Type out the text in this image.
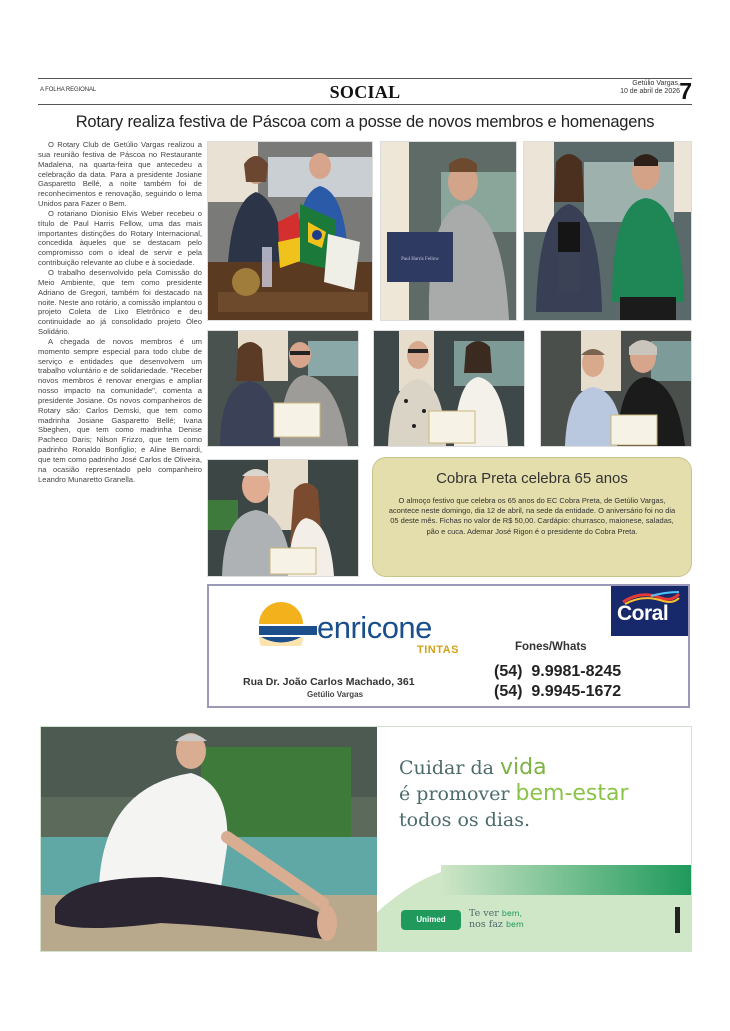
A FOLHA REGIONAL	SOCIAL	Getúlio Vargas,
10 de abril de 2026 7
Rotary realiza festiva de Páscoa com a posse de novos membros e homenagens

O Rotary Club de Getúlio Vargas realizou a sua reunião festiva de Páscoa no Restaurante Madalena, na quarta-feira que antecedeu a celebração da data. Para a presidente Josiane Gasparetto Bellé, a noite também foi de reconhecimentos e renovação, seguindo o lema Unidos para Fazer o Bem.

O rotariano Dionisio Elvis Weber recebeu o título de Paul Harris Fellow, uma das mais importantes distinções do Rotary Internacional, concedida àqueles que se destacam pelo compromisso com o ideal de servir e pela contribuição relevante ao clube e à sociedade.

O trabalho desenvolvido pela Comissão do Meio Ambiente, que tem como presidente Adriano de Gregori, também foi destacado na noite. Neste ano rotário, a comissão implantou o projeto Coleta de Lixo Eletrônico e deu continuidade ao já consolidado projeto Óleo Solidário.

A chegada de novos membros é um momento sempre especial para todo clube de serviço e entidades que desenvolvem um trabalho voluntário e de solidariedade. "Receber novos membros é renovar energias e ampliar nosso impacto na comunidade", comenta a presidente Josiane. Os novos companheiros de Rotary são: Carlos Demski, que tem como madrinha Josiane Gasparetto Bellé; Ivana Sbeghen, que tem como madrinha Denise Pacheco Daris; Nilson Frizzo, que tem como padrinho Ronaldo Bonfiglio; e Aline Bernardi, que tem como padrinho José Carlos de Oliveira, na ocasião representado pelo companheiro Leandro Munaretto Granella.

Paul Harris Fellow
Cobra Preta celebra 65 anos
O almoço festivo que celebra os 65 anos do EC Cobra Preta, de Getúlio Vargas, acontece neste domingo, dia 12 de abril, na sede da entidade. O aniversário foi no dia 05 deste mês. Fichas no valor de R$ 50,00. Cardápio: churrasco, maionese, saladas, pão e cuca. Ademar José Rigon é o presidente do Cobra Preta.
enricone
TINTAS
Rua Dr. João Carlos Machado, 361
Getúlio Vargas
Fones/Whats
(54)  9.9981-8245
(54)  9.9945-1672
Coral
Cuidar da vida
é promover bem-estar
todos os dias.
Unimed
Te ver bem,
nos faz bem
